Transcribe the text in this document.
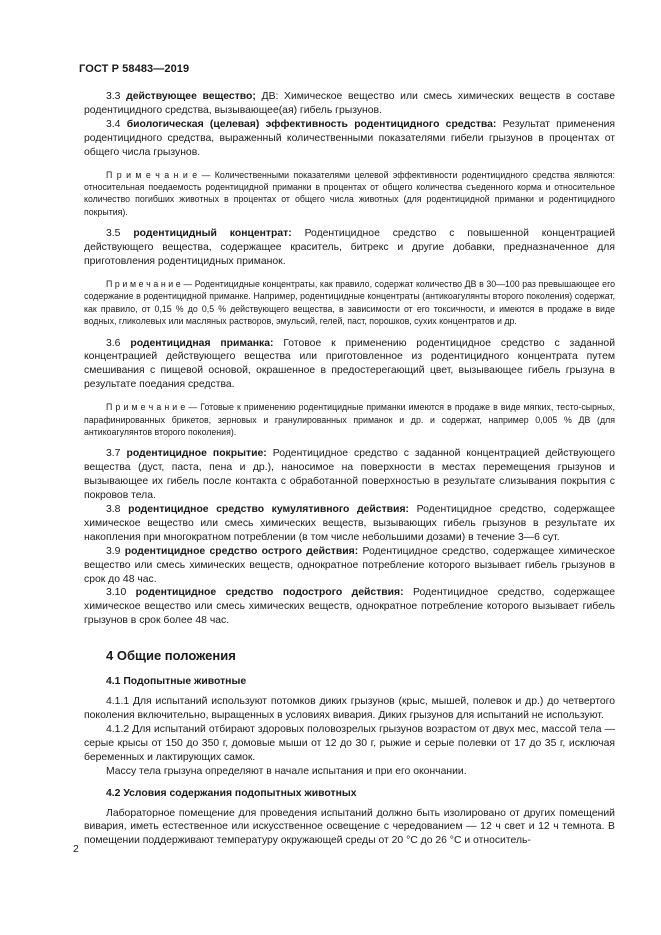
ГОСТ Р 58483—2019

3.3 действующее вещество; ДВ: Химическое вещество или смесь химических веществ в составе родентицидного средства, вызывающее(ая) гибель грызунов.

3.4 биологическая (целевая) эффективность родентицидного средства: Результат применения родентицидного средства, выраженный количественными показателями гибели грызунов в процентах от общего числа грызунов.

П р и м е ч а н и е — Количественными показателями целевой эффективности родентицидного средства являются: относительная поедаемость родентицидной приманки в процентах от общего количества съеденного корма и относительное количество погибших животных в процентах от общего числа животных (для родентицидной приманки и родентицидного покрытия).

3.5 родентицидный концентрат: Родентицидное средство с повышенной концентрацией действующего вещества, содержащее краситель, битрекс и другие добавки, предназначенное для приготовления родентицидных приманок.

П р и м е ч а н и е — Родентицидные концентраты, как правило, содержат количество ДВ в 30—100 раз превышающее его содержание в родентицидной приманке. Например, родентицидные концентраты (антикоагулянты второго поколения) содержат, как правило, от 0,15 % до 0,5 % действующего вещества, в зависимости от его токсичности, и имеются в продаже в виде водных, гликолевых или масляных растворов, эмульсий, гелей, паст, порошков, сухих концентратов и др.

3.6 родентицидная приманка: Готовое к применению родентицидное средство с заданной концентрацией действующего вещества или приготовленное из родентицидного концентрата путем смешивания с пищевой основой, окрашенное в предостерегающий цвет, вызывающее гибель грызуна в результате поедания средства.

П р и м е ч а н и е — Готовые к применению родентицидные приманки имеются в продаже в виде мягких, тесто-сырных, парафинированных брикетов, зерновых и гранулированных приманок и др. и содержат, например 0,005 % ДВ (для антикоагулянтов второго поколения).

3.7 родентицидное покрытие: Родентицидное средство с заданной концентрацией действующего вещества (дуст, паста, пена и др.), наносимое на поверхности в местах перемещения грызунов и вызывающее их гибель после контакта с обработанной поверхностью в результате слизывания покрытия с покровов тела.

3.8 родентицидное средство кумулятивного действия: Родентицидное средство, содержащее химическое вещество или смесь химических веществ, вызывающих гибель грызунов в результате их накопления при многократном потреблении (в том числе небольшими дозами) в течение 3—6 сут.

3.9 родентицидное средство острого действия: Родентицидное средство, содержащее химическое вещество или смесь химических веществ, однократное потребление которого вызывает гибель грызунов в срок до 48 час.

3.10 родентицидное средство подострого действия: Родентицидное средство, содержащее химическое вещество или смесь химических веществ, однократное потребление которого вызывает гибель грызунов в срок более 48 час.

4 Общие положения

4.1 Подопытные животные

4.1.1 Для испытаний используют потомков диких грызунов (крыс, мышей, полевок и др.) до четвертого поколения включительно, выращенных в условиях вивария. Диких грызунов для испытаний не используют.

4.1.2 Для испытаний отбирают здоровых половозрелых грызунов возрастом от двух мес, массой тела — серые крысы от 150 до 350 г, домовые мыши от 12 до 30 г, рыжие и серые полевки от 17 до 35 г, исключая беременных и лактирующих самок.

Массу тела грызуна определяют в начале испытания и при его окончании.

4.2 Условия содержания подопытных животных

Лабораторное помещение для проведения испытаний должно быть изолировано от других помещений вивария, иметь естественное или искусственное освещение с чередованием — 12 ч свет и 12 ч темнота. В помещении поддерживают температуру окружающей среды от 20 °C до 26 °C и относитель-

2
